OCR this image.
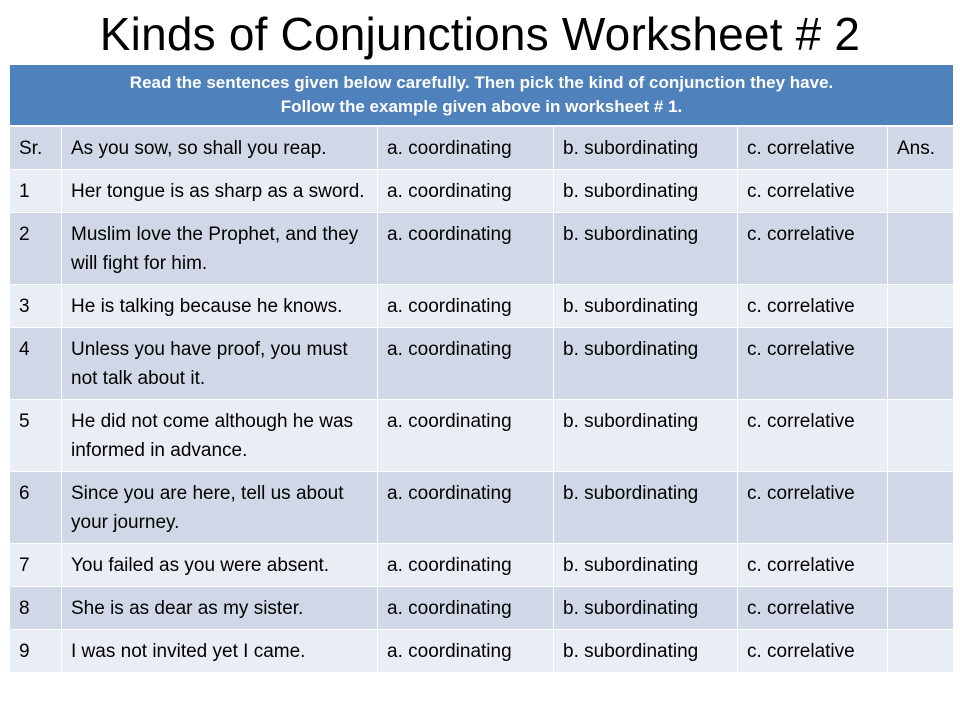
Kinds of Conjunctions Worksheet # 2
Read the sentences given below carefully. Then pick the kind of conjunction they have.
Follow the example given above in worksheet # 1.					

Sr.	As you sow, so shall you reap.	a. coordinating	b. subordinating	c. correlative	Ans.
1	Her tongue is as sharp as a sword.	a. coordinating	b. subordinating	c. correlative	
2	Muslim love the Prophet, and they will fight for him.	a. coordinating	b. subordinating	c. correlative	
3	He is talking because he knows.	a. coordinating	b. subordinating	c. correlative	
4	Unless you have proof, you must not talk about it.	a. coordinating	b. subordinating	c. correlative	
5	He did not come although he was informed in advance.	a. coordinating	b. subordinating	c. correlative	
6	Since you are here, tell us about your journey.	a. coordinating	b. subordinating	c. correlative	
7	You failed as you were absent.	a. coordinating	b. subordinating	c. correlative	
8	She is as dear as my sister.	a. coordinating	b. subordinating	c. correlative	
9	I was not invited yet I came.	a. coordinating	b. subordinating	c. correlative	
